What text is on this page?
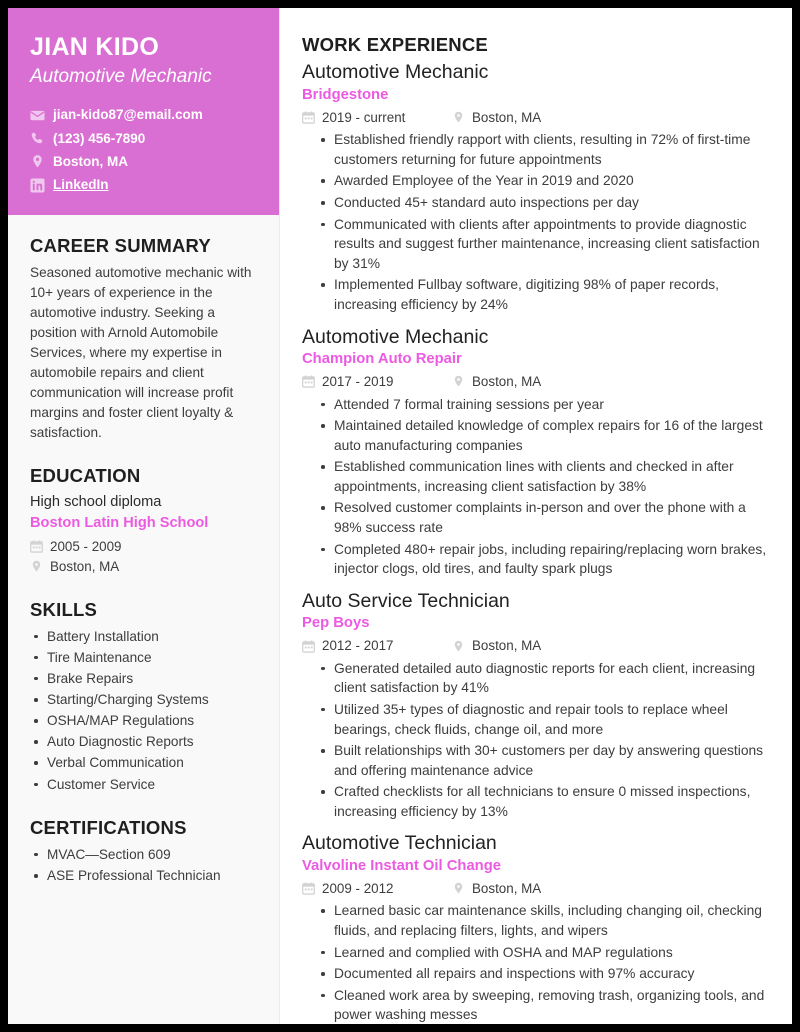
JIAN KIDO
Automotive Mechanic
jian-kido87@email.com
(123) 456-7890
Boston, MA
LinkedIn
CAREER SUMMARY

Seasoned automotive mechanic with 10+ years of experience in the automotive industry. Seeking a position with Arnold Automobile Services, where my expertise in automobile repairs and client communication will increase profit margins and foster client loyalty & satisfaction.

EDUCATION
High school diploma
Boston Latin High School
2005 - 2009
Boston, MA
SKILLS
Battery Installation
Tire Maintenance
Brake Repairs
Starting/Charging Systems
OSHA/MAP Regulations
Auto Diagnostic Reports
Verbal Communication
Customer Service
CERTIFICATIONS
MVAC—Section 609
ASE Professional Technician
WORK EXPERIENCE
Automotive Mechanic
Bridgestone
2019 - current	Boston, MA
Established friendly rapport with clients, resulting in 72% of first-time customers returning for future appointments
Awarded Employee of the Year in 2019 and 2020
Conducted 45+ standard auto inspections per day
Communicated with clients after appointments to provide diagnostic results and suggest further maintenance, increasing client satisfaction by 31%
Implemented Fullbay software, digitizing 98% of paper records, increasing efficiency by 24%
Automotive Mechanic
Champion Auto Repair
2017 - 2019	Boston, MA
Attended 7 formal training sessions per year
Maintained detailed knowledge of complex repairs for 16 of the largest auto manufacturing companies
Established communication lines with clients and checked in after appointments, increasing client satisfaction by 38%
Resolved customer complaints in-person and over the phone with a 98% success rate
Completed 480+ repair jobs, including repairing/replacing worn brakes, injector clogs, old tires, and faulty spark plugs
Auto Service Technician
Pep Boys
2012 - 2017	Boston, MA
Generated detailed auto diagnostic reports for each client, increasing client satisfaction by 41%
Utilized 35+ types of diagnostic and repair tools to replace wheel bearings, check fluids, change oil, and more
Built relationships with 30+ customers per day by answering questions and offering maintenance advice
Crafted checklists for all technicians to ensure 0 missed inspections, increasing efficiency by 13%
Automotive Technician
Valvoline Instant Oil Change
2009 - 2012	Boston, MA
Learned basic car maintenance skills, including changing oil, checking fluids, and replacing filters, lights, and wipers
Learned and complied with OSHA and MAP regulations
Documented all repairs and inspections with 97% accuracy
Cleaned work area by sweeping, removing trash, organizing tools, and power washing messes
